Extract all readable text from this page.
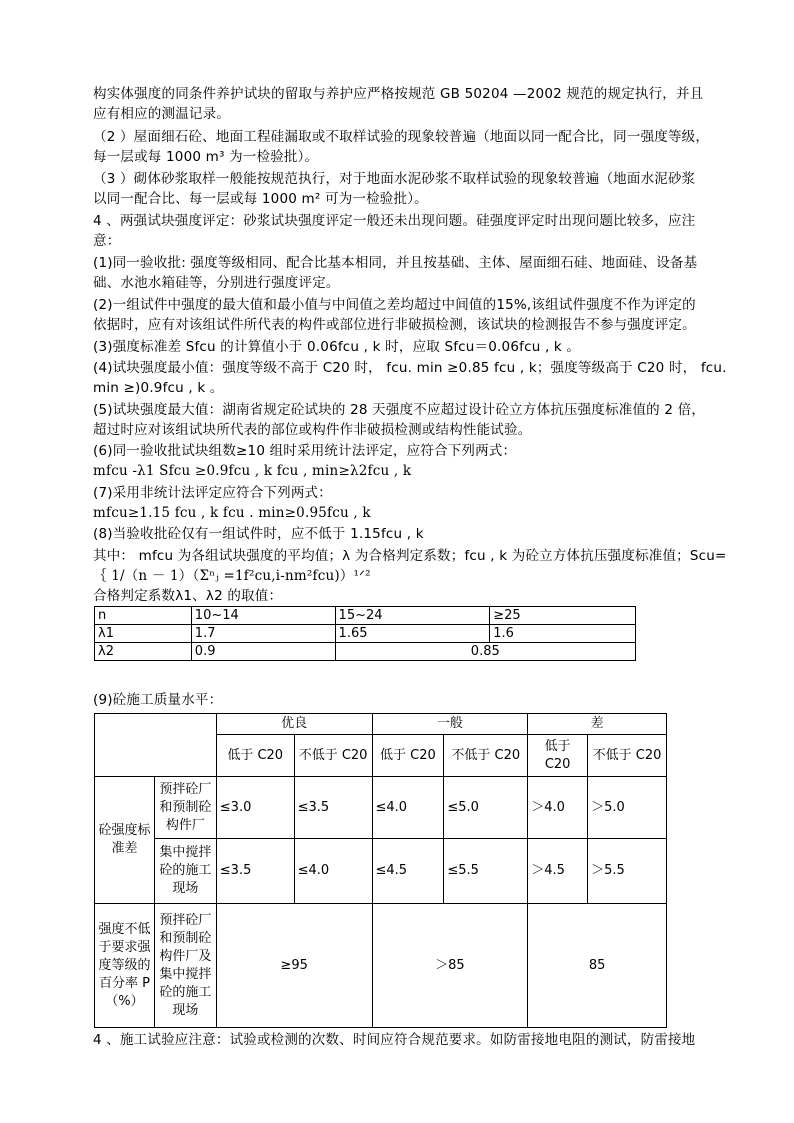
构实体强度的同条件养护试块的留取与养护应严格按规范 GB 50204 —2002 规范的规定执行，并且
应有相应的测温记录。
（2 ）屋面细石砼、地面工程硅漏取或不取样试验的现象较普遍（地面以同一配合比，同一强度等级，
每一层或每 1000 m³ 为一检验批）。
（3 ）砌体砂浆取样一般能按规范执行，对于地面水泥砂浆不取样试验的现象较普遍（地面水泥砂浆
以同一配合比、每一层或每 1000 m² 可为一检验批）。
4 、两强试块强度评定：砂浆试块强度评定一般还未出现问题。硅强度评定时出现问题比较多，应注
意：
(1)同一验收批: 强度等级相同、配合比基本相同，并且按基础、主体、屋面细石硅、地面硅、设备基
础、水池水箱硅等，分别进行强度评定。
(2)一组试件中强度的最大值和最小值与中间值之差均超过中间值的15%,该组试件强度不作为评定的
依据时，应有对该组试件所代表的构件或部位进行非破损检测，该试块的检测报告不参与强度评定。
(3)强度标准差 Sfcu 的计算值小于 0.06fcu , k 时，应取 Sfcu＝0.06fcu , k 。
(4)试块强度最小值：强度等级不高于 C20 时， fcu. min ≥0.85 fcu , k；强度等级高于 C20 时， fcu.
min ≥)0.9fcu , k 。
(5)试块强度最大值：湖南省规定砼试块的 28 天强度不应超过设计砼立方体抗压强度标准值的 2 倍，
超过时应对该组试块所代表的部位或构件作非破损检测或结构性能试验。
(6)同一验收批试块组数≥10 组时采用统计法评定，应符合下列两式：
mfcu -λ1 Sfcu ≥0.9fcu , k fcu , min≥λ2fcu , k
(7)采用非统计法评定应符合下列两式：
mfcu≥1.15 fcu , k fcu . min≥0.95fcu , k
(8)当验收批砼仅有一组试件时，应不低于 1.15fcu , k
其中： mfcu 为各组试块强度的平均值；λ 为合格判定系数；fcu , k 为砼立方体抗压强度标准值；Scu=
｛ 1/（n － 1）（Σⁿⱼ =1f²cu,i-nm²fcu)）¹ᐟ²
合格判定系数λ1、λ2 的取值：
n	10~14	15~24	≥25
λ1	1.7	1.65	1.6
λ2	0.9	0.85	
(9)砼施工质量水平：
		优良		一般		差	
		低于 C20	不低于 C20	低于 C20	不低于 C20	低于 C20	不低于 C20
砼强度标准差	预拌砼厂和预制砼构件厂	≤3.0	≤3.5	≤4.0	≤5.0	＞4.0	＞5.0
	集中搅拌砼的施工现场	≤3.5	≤4.0	≤4.5	≤5.5	＞4.5	＞5.5
强度不低于要求强度等级的百分率 P（%）	预拌砼厂和预制砼构件厂及集中搅拌砼的施工现场	≥95		＞85		85	
4 、施工试验应注意：试验或检测的次数、时间应符合规范要求。如防雷接地电阻的测试，防雷接地
